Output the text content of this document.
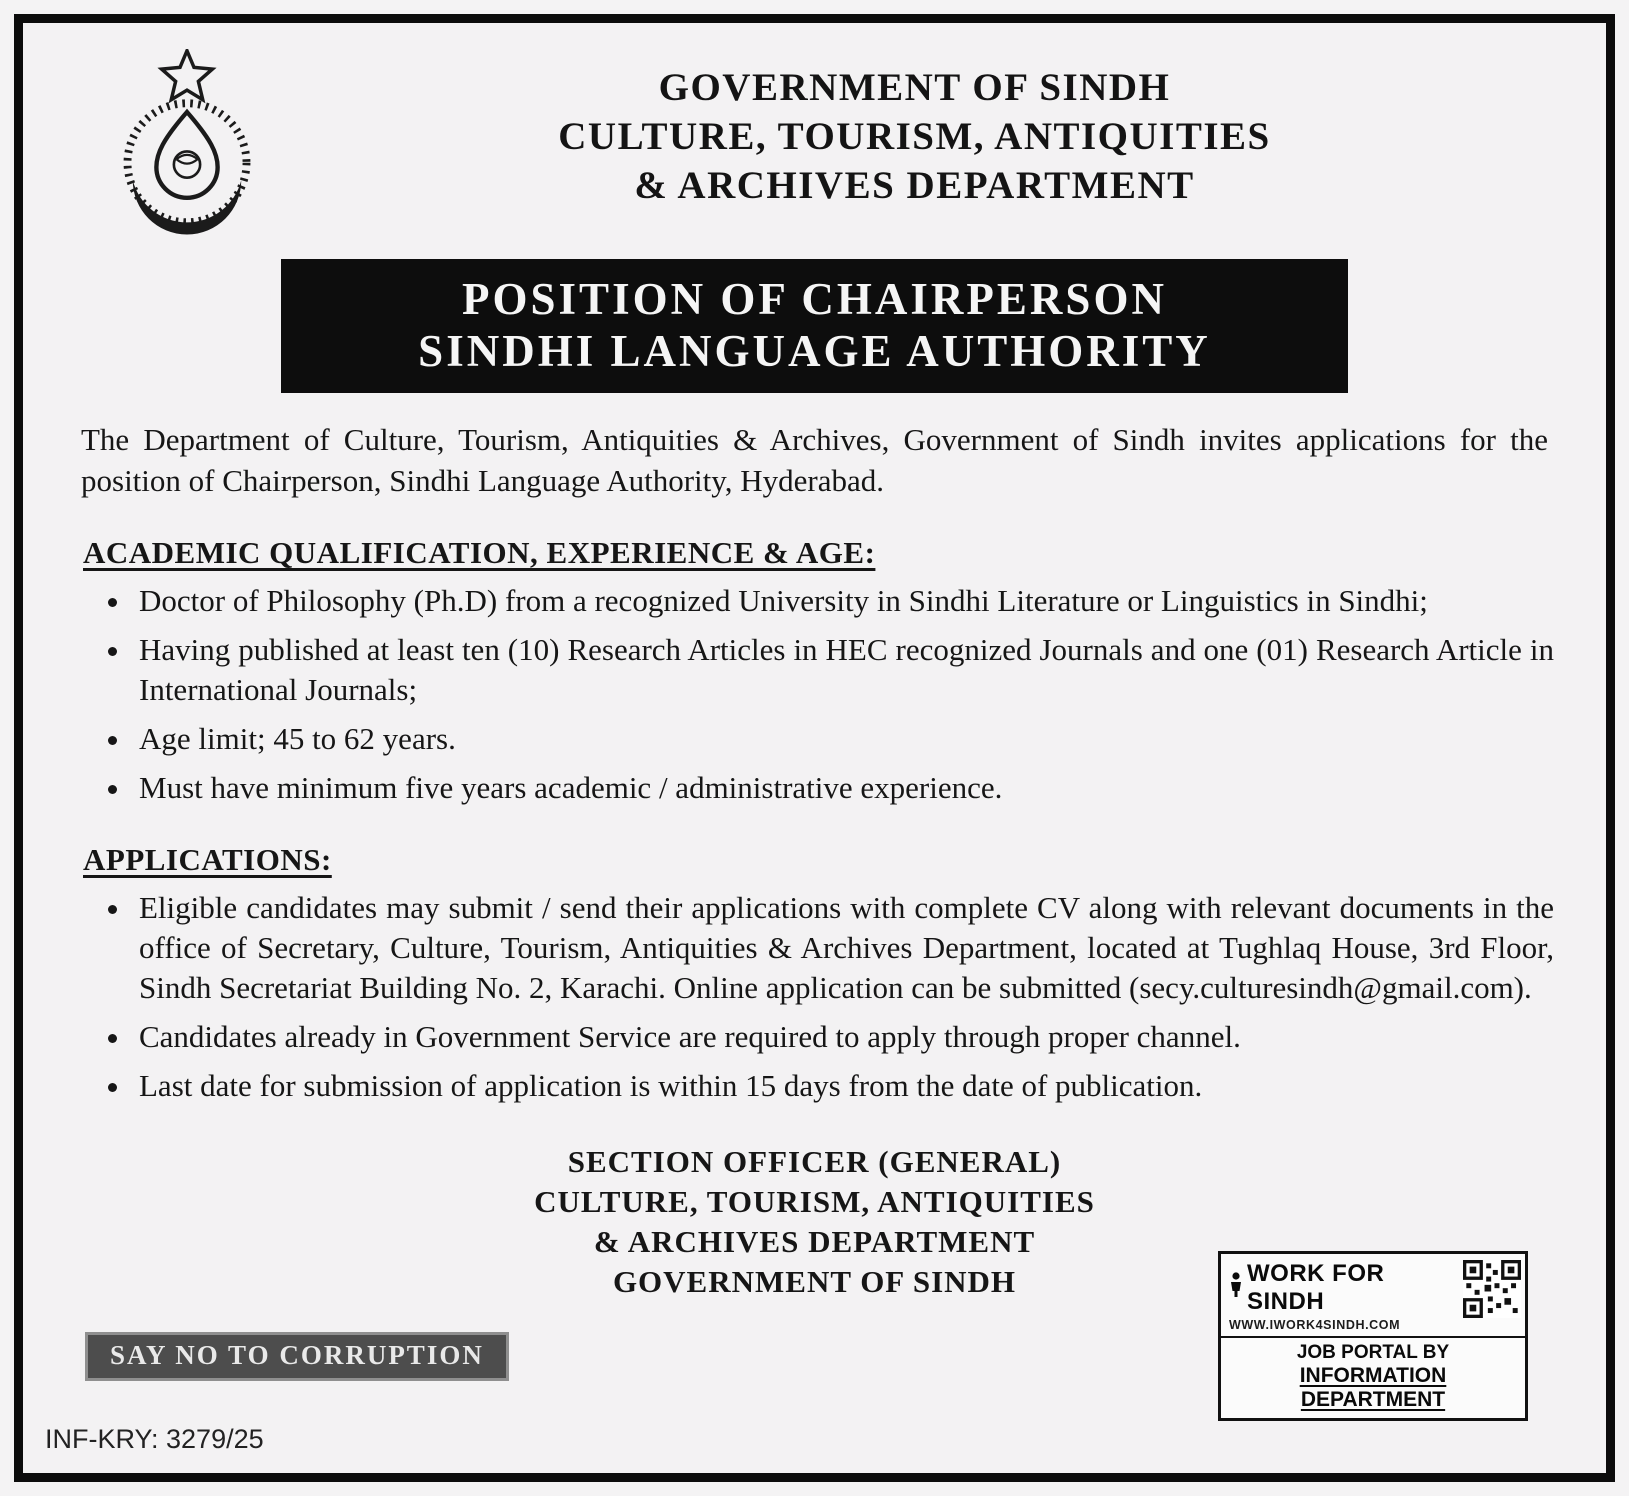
GOVERNMENT OF SINDH
CULTURE, TOURISM, ANTIQUITIES
& ARCHIVES DEPARTMENT
POSITION OF CHAIRPERSON
SINDHI LANGUAGE AUTHORITY

The Department of Culture, Tourism, Antiquities & Archives, Government of Sindh invites applications for the position of Chairperson, Sindhi Language Authority, Hyderabad.

ACADEMIC QUALIFICATION, EXPERIENCE & AGE:
• Doctor of Philosophy (Ph.D) from a recognized University in Sindhi Literature or Linguistics in Sindhi;
• Having published at least ten (10) Research Articles in HEC recognized Journals and one (01) Research Article in International Journals;
• Age limit; 45 to 62 years.
• Must have minimum five years academic / administrative experience.
APPLICATIONS:
• Eligible candidates may submit / send their applications with complete CV along with relevant documents in the office of Secretary, Culture, Tourism, Antiquities & Archives Department, located at Tughlaq House, 3rd Floor, Sindh Secretariat Building No. 2, Karachi. Online application can be submitted (secy.culturesindh@gmail.com).
• Candidates already in Government Service are required to apply through proper channel.
• Last date for submission of application is within 15 days from the date of publication.
SECTION OFFICER (GENERAL)
CULTURE, TOURISM, ANTIQUITIES
& ARCHIVES DEPARTMENT
GOVERNMENT OF SINDH
SAY NO TO CORRUPTION
INF-KRY: 3279/25
WORK FOR SINDH
WWW.IWORK4SINDH.COM
JOB PORTAL BY
INFORMATION DEPARTMENT
